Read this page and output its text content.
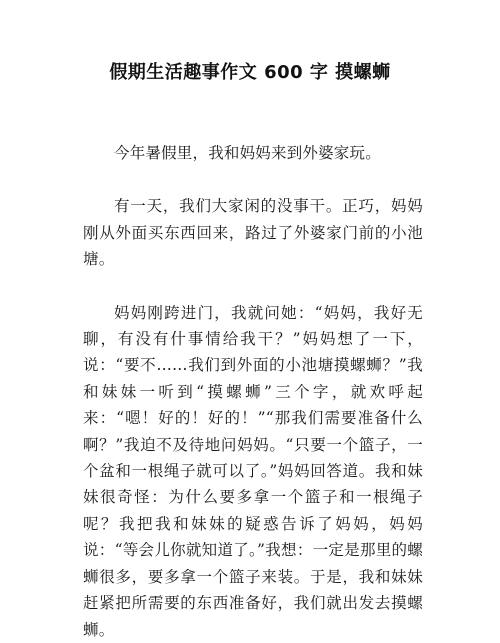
假期生活趣事作文 600 字 摸螺蛳

今年暑假里，我和妈妈来到外婆家玩。

有一天，我们大家闲的没事干。正巧，妈妈刚从外面买东西回来，路过了外婆家门前的小池塘。

妈妈刚跨进门，我就问她：“妈妈，我好无聊，有没有什事情给我干？”妈妈想了一下，说：“要不……我们到外面的小池塘摸螺蛳？”我和妹妹一听到“摸螺蛳”三个字，就欢呼起来：“嗯！好的！好的！”“那我们需要准备什么啊？”我迫不及待地问妈妈。“只要一个篮子，一个盆和一根绳子就可以了。”妈妈回答道。我和妹妹很奇怪：为什么要多拿一个篮子和一根绳子呢？我把我和妹妹的疑惑告诉了妈妈，妈妈说：“等会儿你就知道了。”我想：一定是那里的螺蛳很多，要多拿一个篮子来装。于是，我和妹妹赶紧把所需要的东西准备好，我们就出发去摸螺蛳。
